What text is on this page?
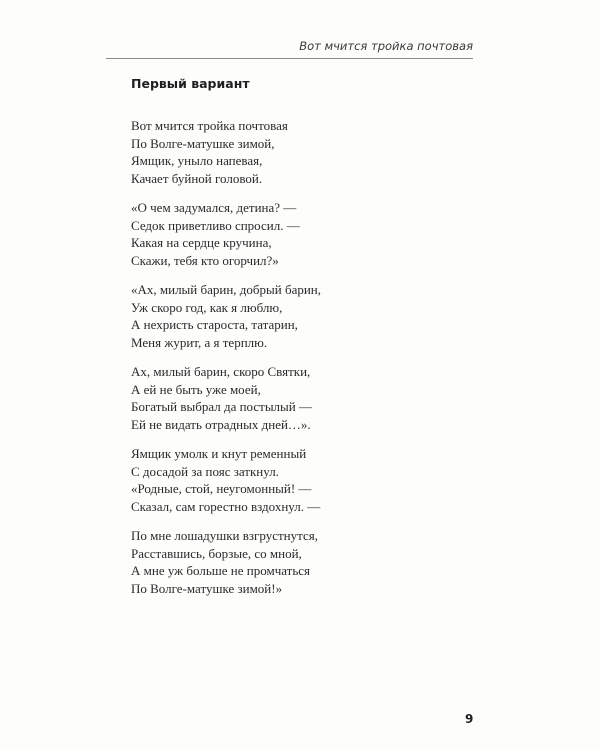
Вот мчится тройка почтовая
Первый вариант
Вот мчится тройка почтовая
По Волге-матушке зимой,
Ямщик, уныло напевая,
Качает буйной головой.
«О чем задумался, детина? —
Седок приветливо спросил. —
Какая на сердце кручина,
Скажи, тебя кто огорчил?»
«Ах, милый барин, добрый барин,
Уж скоро год, как я люблю,
А нехристь староста, татарин,
Меня журит, а я терплю.
Ах, милый барин, скоро Святки,
А ей не быть уже моей,
Богатый выбрал да постылый —
Ей не видать отрадных дней…».
Ямщик умолк и кнут ременный
С досадой за пояс заткнул.
«Родные, стой, неугомонный! —
Сказал, сам горестно вздохнул. —
По мне лошадушки взгрустнутся,
Расставшись, борзые, со мной,
А мне уж больше не промчаться
По Волге-матушке зимой!»
9
